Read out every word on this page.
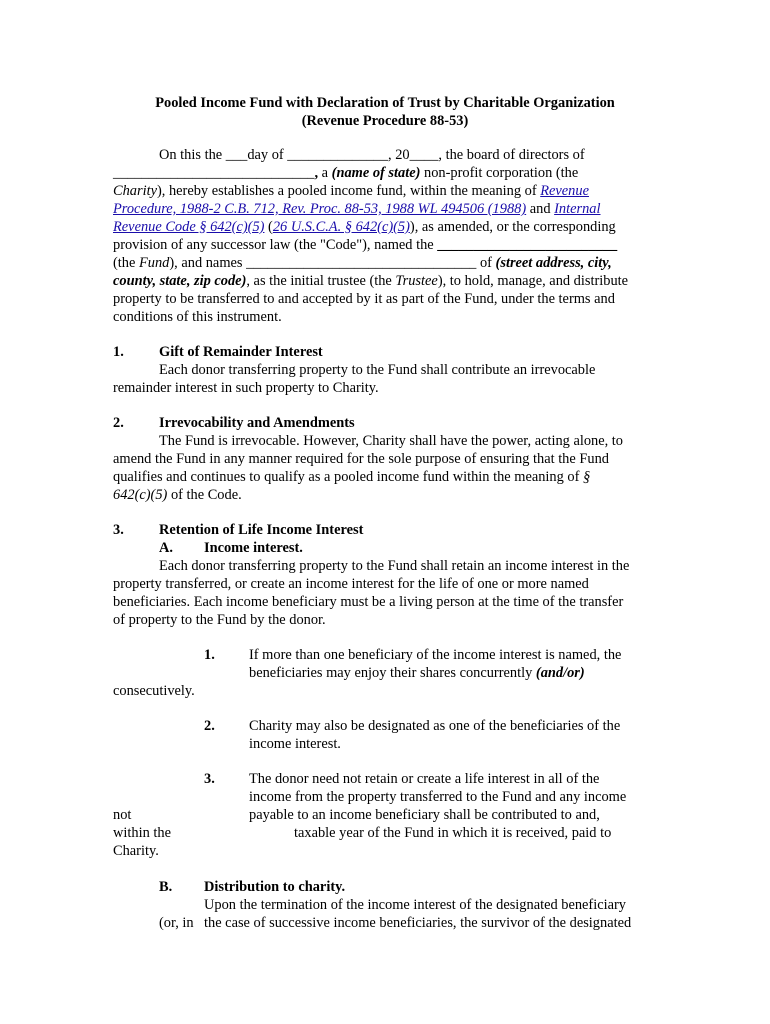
Pooled Income Fund with Declaration of Trust by Charitable Organization
(Revenue Procedure 88-53)
On this the ___day of ______________, 20____, the board of directors of
____________________________, a (name of state) non-profit corporation (the
Charity), hereby establishes a pooled income fund, within the meaning of Revenue
Procedure, 1988-2 C.B. 712, Rev. Proc. 88-53, 1988 WL 494506 (1988) and Internal
Revenue Code § 642(c)(5) (26 U.S.C.A. § 642(c)(5)), as amended, or the corresponding
provision of any successor law (the "Code"), named the _________________________
(the Fund), and names ________________________________ of (street address, city,
county, state, zip code), as the initial trustee (the Trustee), to hold, manage, and distribute
property to be transferred to and accepted by it as part of the Fund, under the terms and
conditions of this instrument.
1. Gift of Remainder Interest
Each donor transferring property to the Fund shall contribute an irrevocable
remainder interest in such property to Charity.
2. Irrevocability and Amendments
The Fund is irrevocable. However, Charity shall have the power, acting alone, to
amend the Fund in any manner required for the sole purpose of ensuring that the Fund
qualifies and continues to qualify as a pooled income fund within the meaning of §
642(c)(5) of the Code.
3. Retention of Life Income Interest
A. Income interest.
Each donor transferring property to the Fund shall retain an income interest in the
property transferred, or create an income interest for the life of one or more named
beneficiaries. Each income beneficiary must be a living person at the time of the transfer
of property to the Fund by the donor.
1. If more than one beneficiary of the income interest is named, the
beneficiaries may enjoy their shares concurrently (and/or)
consecutively.
2. Charity may also be designated as one of the beneficiaries of the
income interest.
3. The donor need not retain or create a life interest in all of the
income from the property transferred to the Fund and any income
not	payable to an income beneficiary shall be contributed to and,
within the	taxable year of the Fund in which it is received, paid to
Charity.
B. Distribution to charity.
Upon the termination of the income interest of the designated beneficiary
(or, in the case of successive income beneficiaries, the survivor of the designated
